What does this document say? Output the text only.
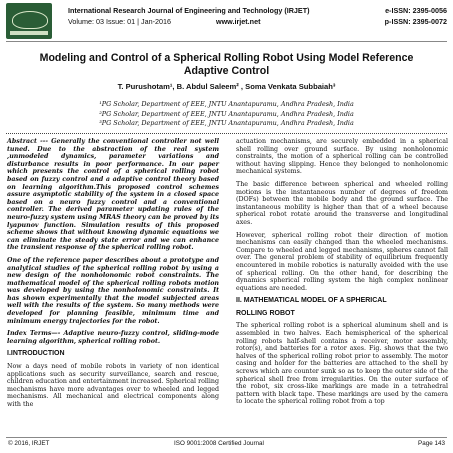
International Research Journal of Engineering and Technology (IRJET)	e-ISSN: 2395-0056
Volume: 03 Issue: 01 | Jan-2016	www.irjet.net	p-ISSN: 2395-0072
Modeling and Control of a Spherical Rolling Robot Using Model Reference Adaptive Control
T. Purushotam¹, B. Abdul Saleem² , Soma Venkata Subbaiah³
¹PG Scholar, Department of EEE, JNTU Anantapuramu, Andhra Pradesh, India
²PG Scholar, Department of EEE, JNTU Anantapuramu, Andhra Pradesh, India
³PG Scholar, Department of EEE, JNTU Anantapuramu, Andhra Pradesh, India

Abstract --- Generally the conventional controller not well tuned. Due to the abstraction of the real system ,unmodeled dynamics, parameter variations and disturbance results in poor performance. In our paper which presents the control of a spherical rolling robot based on fuzzy control and a adaptive control theory based on learning algorithm.This proposed control schemes assure asymptotic stability of the system in a closed space based on a neuro fuzzy control and a conventional controller. The derived parameter updating rules of the neuro-fuzzy system using MRAS theory can be proved by its lyapunov function. Simulation results of this proposed scheme shows that without knowing dynamic equations we can eliminate the steady state error and we can enhance the transient response of the spherical rolling robot.

One of the reference paper describes about a prototype and analytical studies of the spherical rolling robot by using a new design of the nonholonomic robot constraints. The mathematical model of the spherical rolling robots motion was developed by using the nonholonomic constraints. It has shown experimentally that the model subjected areas well with the results of the system. So many methods were developed for planning feasible, minimum time and minimum energy trajectories for the robot.

Index Terms—- Adaptive neuro-fuzzy control, sliding-mode learning algorithm, spherical rolling robot.

I.INTRODUCTION

Now a days need of mobile robots in variety of non identical applications such as security surveillance, search and rescue, children education and entertainment increased. Spherical rolling mechanisms have more advantages over to wheeled and legged mechanisms. All mechanical and electrical components along with the

actuation mechanisms, are securely embedded in a spherical shell rolling over ground surface. By using nonholonomic constraints, the motion of a spherical rolling can be controlled without having slipping. Hence they belonged to nonholonomic mechanical systems.

The basic difference between spherical and wheeled rolling motions is the instantaneous number of degrees of freedom (DOFs) between the mobile body and the ground surface. The instantaneous mobility is higher than that of a wheel because spherical robot rotate around the transverse and longitudinal axes.

However, spherical rolling robot their direction of motion mechanisms can easily changed than the wheeled mechanisms. Compare to wheeled and legged mechanisms, spheres cannot fall over. The general problem of stability of equilibrium frequently encountered in mobile robotics is naturally avoided with the use of spherical rolling. On the other hand, for describing the dynamics spherical rolling system the high complex nonlinear equations are needed.

II. MATHEMATICAL MODEL OF A SPHERICAL
ROLLING ROBOT

The spherical rolling robot is a spherical aluminum shell and is assembled in two halves. Each hemispherical of the spherical rolling robots half-shell contains a receiver, motor assembly, rotor(s), and batteries for a rotor axes. Fig. shows that the two halves of the spherical rolling robot prior to assembly. The motor casing and holder for the batteries are attached to the shell by screws which are counter sunk so as to keep the outer side of the spherical shell free from irregularities. On the outer surface of the robot, six cross-like markings are made in a tetrahedral pattern with black tape. These markings are used by the camera to locate the spherical rolling robot from a top

© 2016, IRJET	ISO 9001:2008 Certified Journal	Page 143
